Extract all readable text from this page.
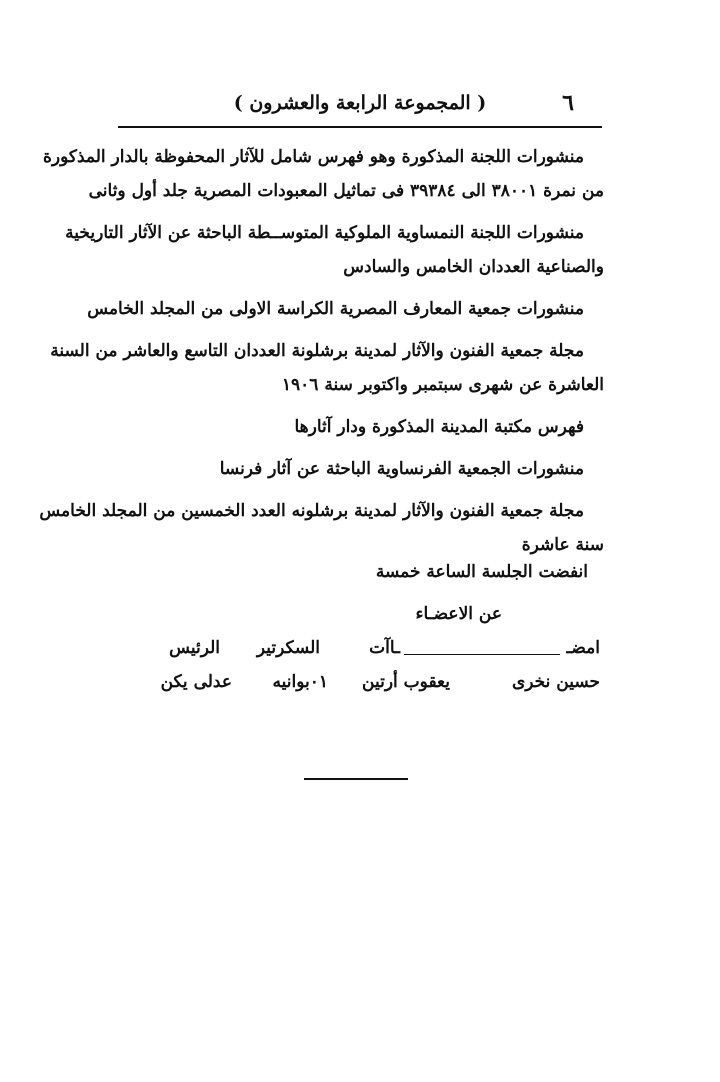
٦
( المجموعة الرابعة والعشرون )
منشورات اللجنة المذكورة وهو فهرس شامل للآثار المحفوظة بالدار المذكورة
من نمرة ٣٨٠٠١ الى ٣٩٣٨٤ فى تماثيل المعبودات المصرية جلد أول وثانى
منشورات اللجنة النمساوية الملوكية المتوســطة الباحثة عن الآثار التاريخية
والصناعية العددان الخامس والسادس
منشورات جمعية المعارف المصرية الكراسة الاولى من المجلد الخامس
مجلة جمعية الفنون والآثار لمدينة برشلونة العددان التاسع والعاشر من السنة
العاشرة عن شهرى سبتمبر واكتوبر سنة ١٩٠٦
فهرس مكتبة المدينة المذكورة ودار آثارها
منشورات الجمعية الفرنساوية الباحثة عن آثار فرنسا
مجلة جمعية الفنون والآثار لمدينة برشلونه العدد الخمسين من المجلد الخامس
سنة عاشرة
انفضت الجلسة الساعة خمسة
عن الاعضـاء
امضـ
ـاآت
السكرتير
الرئيس
حسين نخرى
يعقوب أرتين
٠١بوانيه
عدلى يكن
